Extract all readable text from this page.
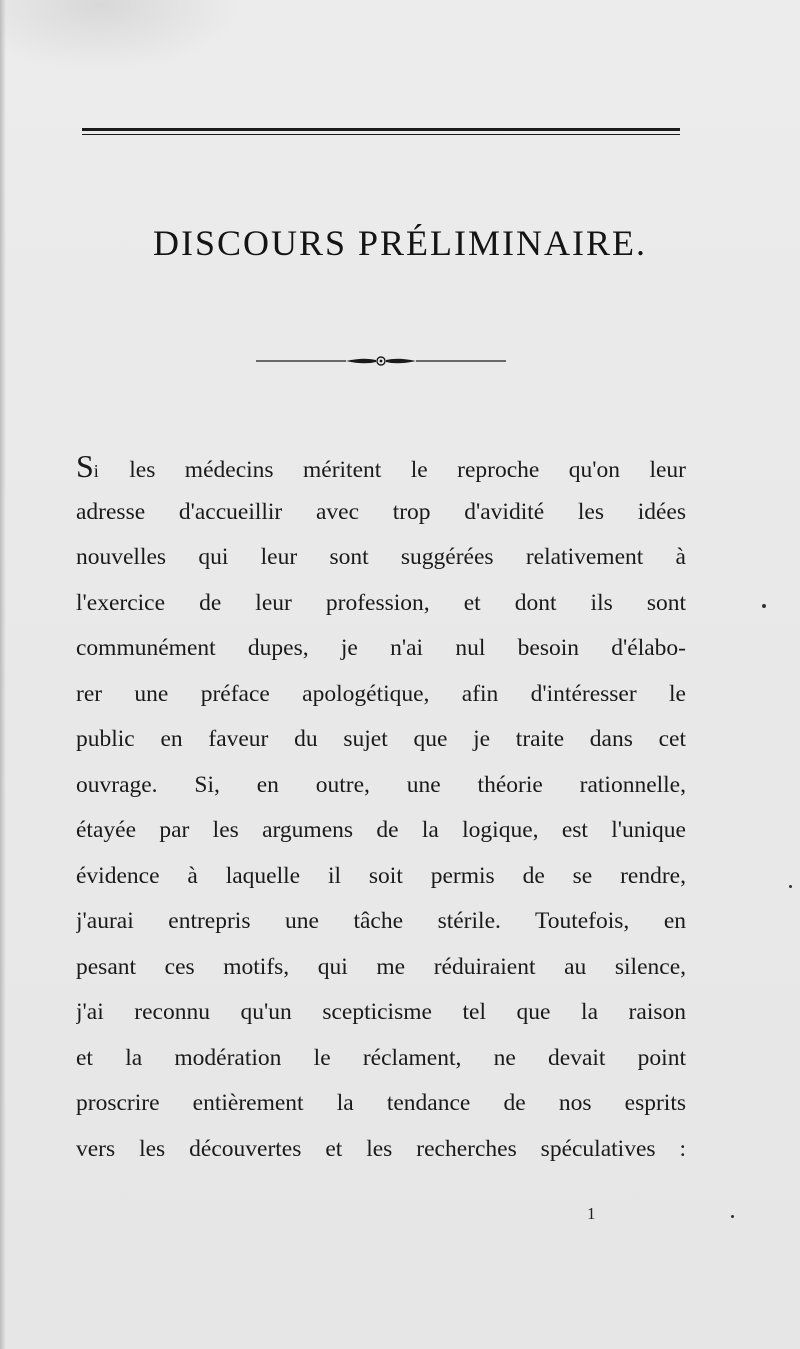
DISCOURS PRÉLIMINAIRE.
Si les médecins méritent le reproche qu'on leur
adresse d'accueillir avec trop d'avidité les idées
nouvelles qui leur sont suggérées relativement à
l'exercice de leur profession, et dont ils sont
communément dupes, je n'ai nul besoin d'élabo-
rer une préface apologétique, afin d'intéresser le
public en faveur du sujet que je traite dans cet
ouvrage. Si, en outre, une théorie rationnelle,
étayée par les argumens de la logique, est l'unique
évidence à laquelle il soit permis de se rendre,
j'aurai entrepris une tâche stérile. Toutefois, en
pesant ces motifs, qui me réduiraient au silence,
j'ai reconnu qu'un scepticisme tel que la raison
et la modération le réclament, ne devait point
proscrire entièrement la tendance de nos esprits
vers les découvertes et les recherches spéculatives :
1
